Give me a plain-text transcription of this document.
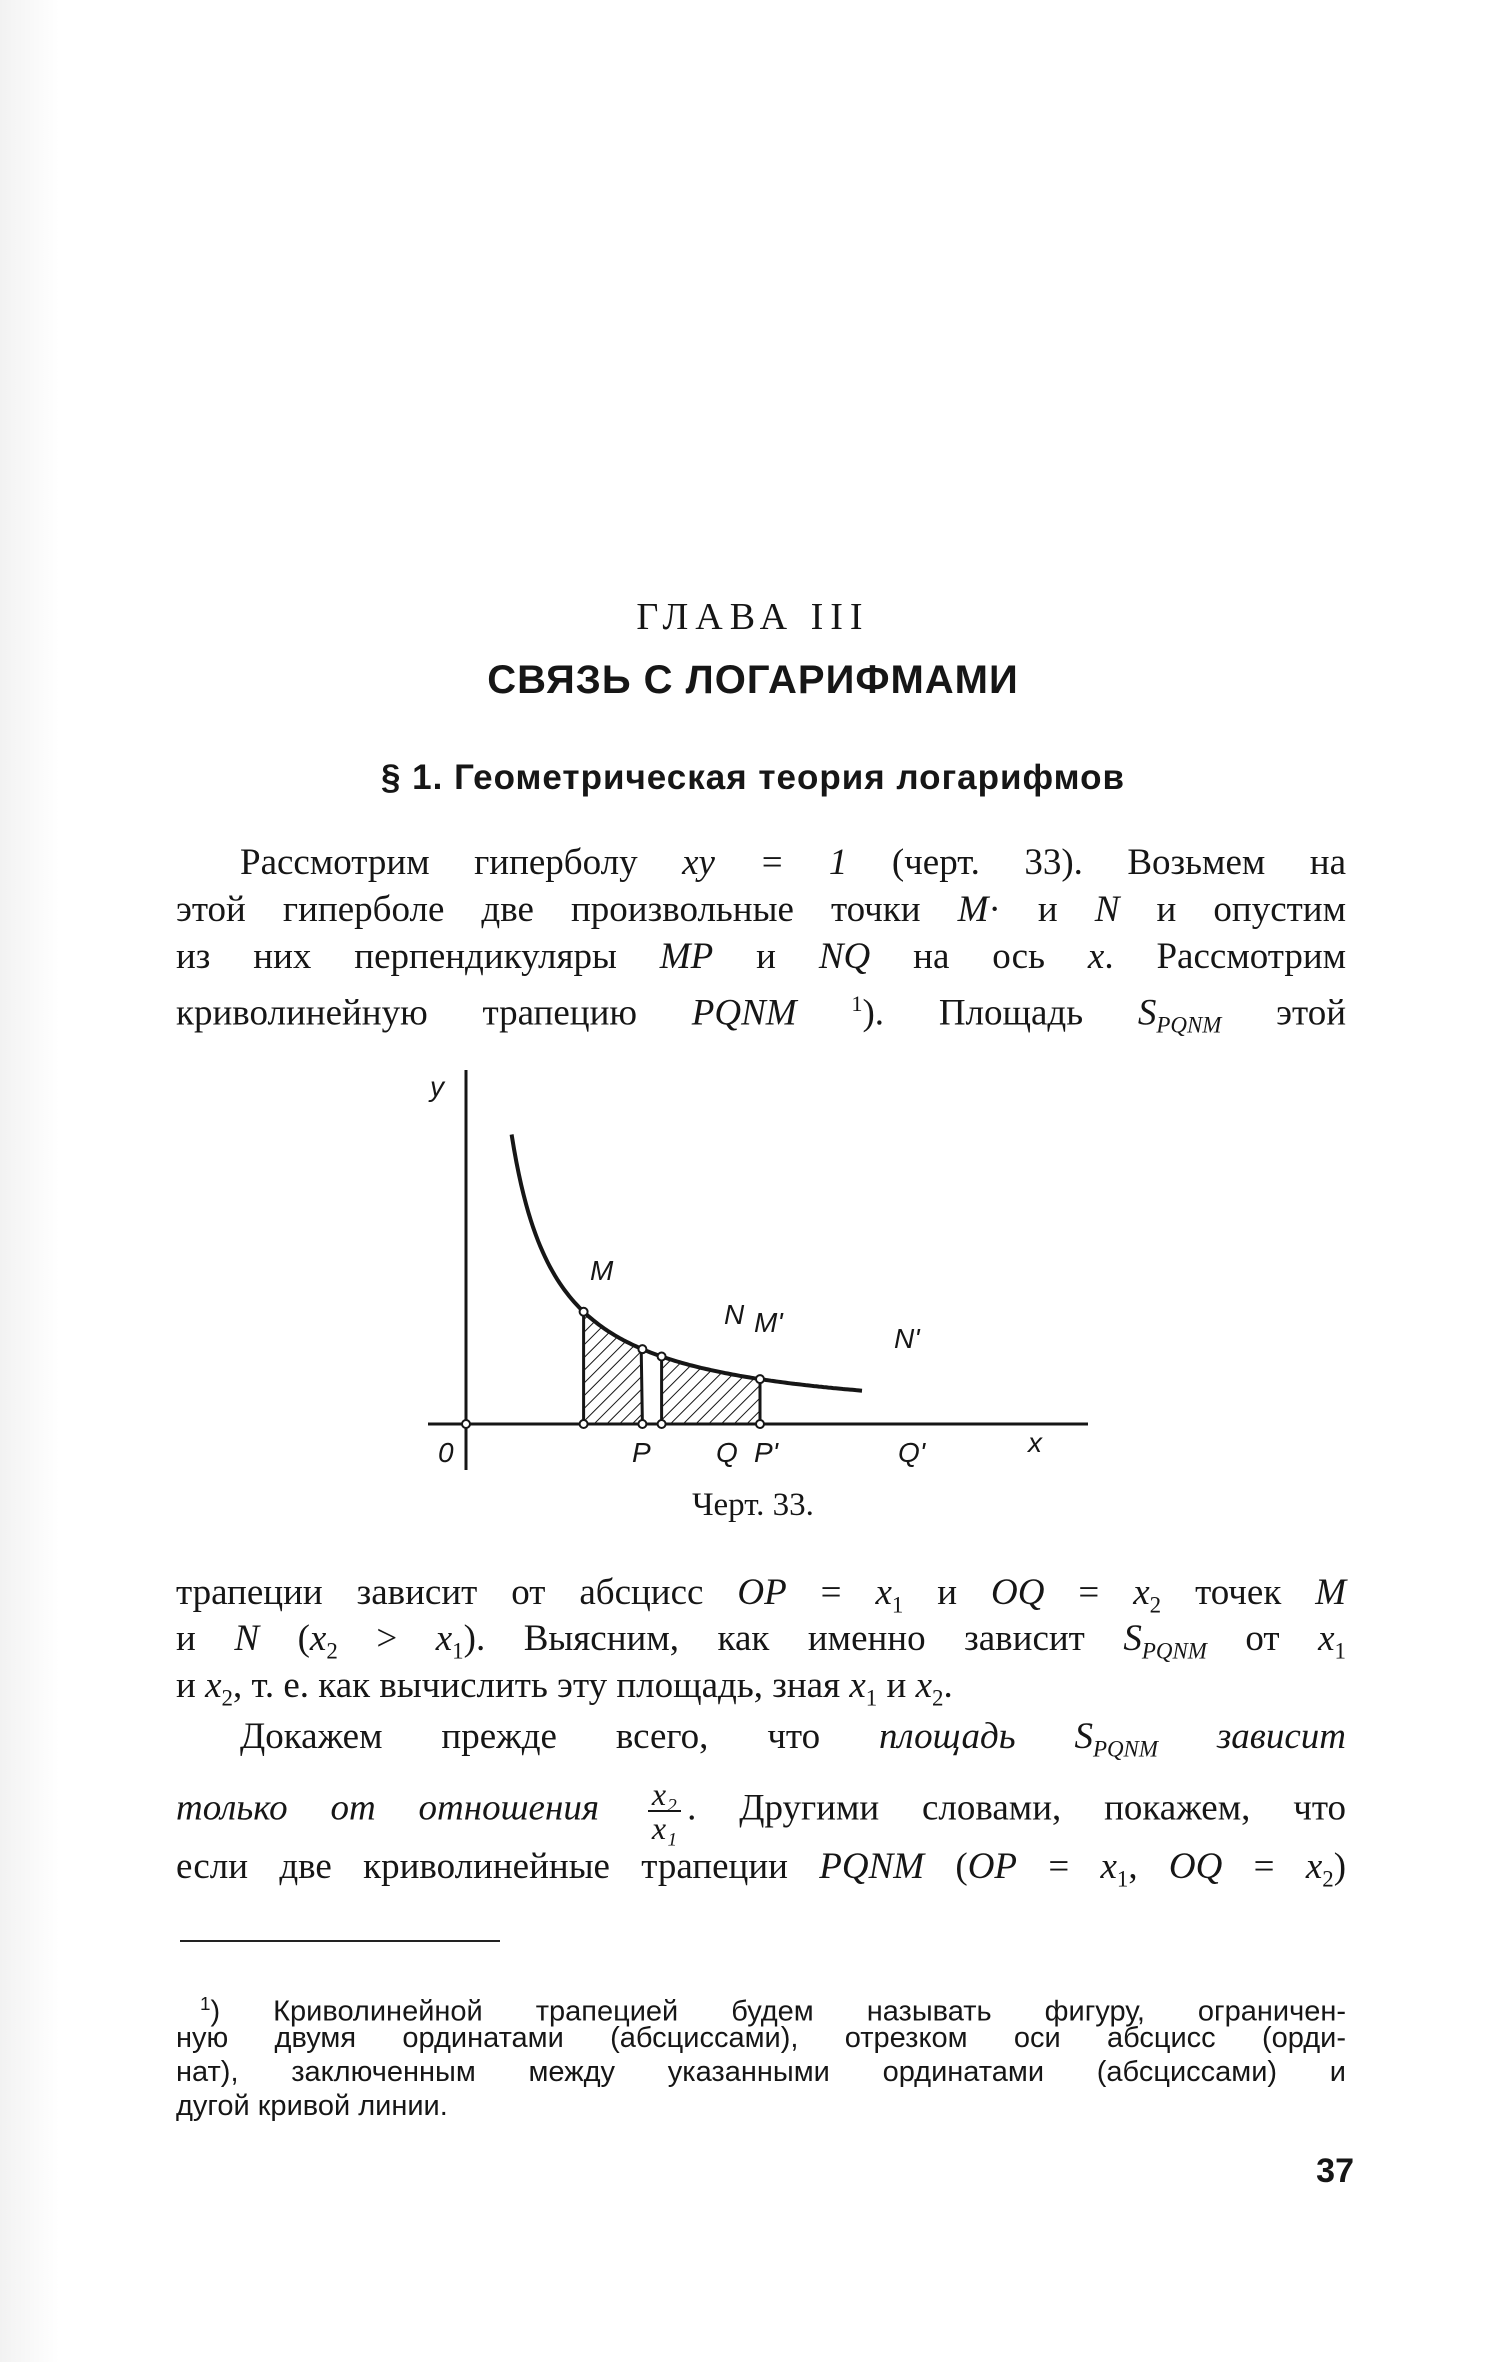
ГЛАВА III
СВЯЗЬ С ЛОГАРИФМАМИ
§ 1. Геометрическая теория логарифмов
Рассмотрим гиперболу xy = 1 (черт. 33). Возьмем на
этой гиперболе две произвольные точки M· и N и опустим
из них перпендикуляры MP и NQ на ось x. Рассмотрим
криволинейную трапецию PQNM $^1$). Площадь $S_{PQNM}$ этой
y
x
0	P Q P'	Q'
M
N M'
N'
Черт. 33.
трапеции зависит от абсцисс OP = $x_1$ и OQ = $x_2$ точек M
и N $(x_2 > x_1)$. Выясним, как именно зависит $S_{PQNM}$ от $x_1$
и $x_2$, т. е. как вычислить эту площадь, зная $x_1$ и $x_2$.
Докажем прежде всего, что площадь $S_{PQNM}$ зависит
только от отношения $\frac{\text{x₂}}{\text{x₁}}$ . Другими словами, покажем, что
если две криволинейные трапеции PQNM ($OP = x_1$, OQ = $x_2$)
$^1$) Криволинейной трапецией будем называть фигуру, ограничен-
ную двумя ординатами (абсциссами), отрезком оси абсцисс (орди-
нат), заключенным между указанными ординатами (абсциссами) и
дугой кривой линии.
37
